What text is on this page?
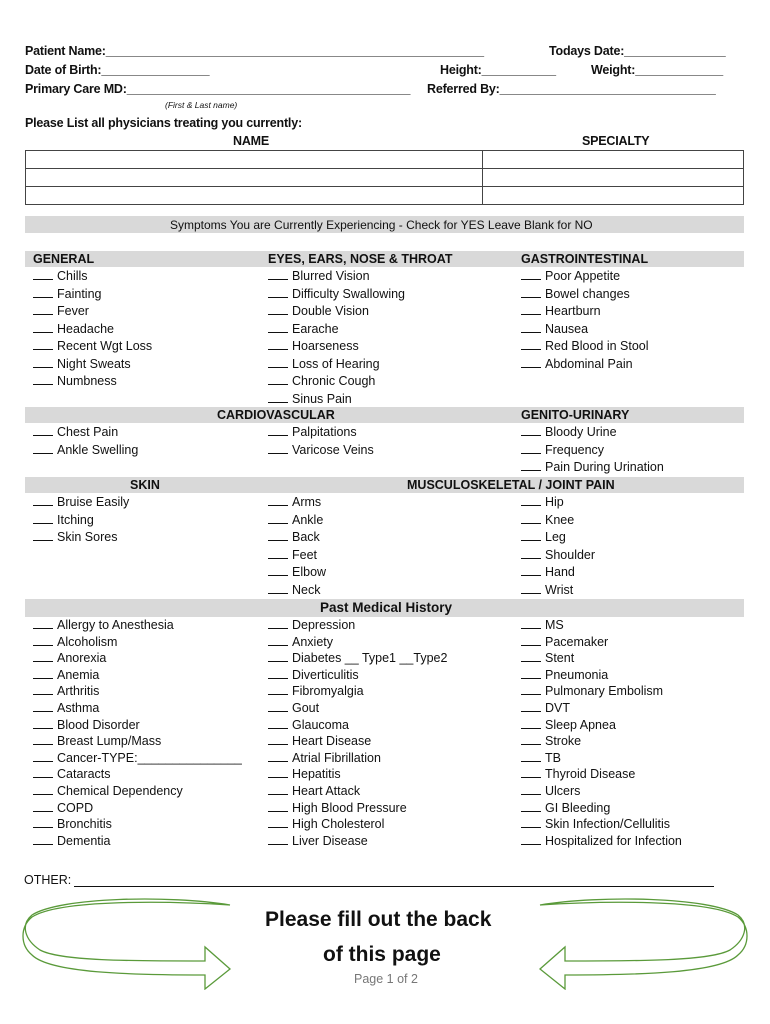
Patient Name:________________________________________________________	Todays Date:_______________
Date of Birth:________________	Height:___________	Weight:_____________
Primary Care MD:__________________________________________ Referred By:________________________________
(First & Last name)
Please List all physicians treating you currently:
NAME	SPECIALTY

Symptoms You are Currently Experiencing - Check for YES Leave Blank for NO
GENERAL	EYES, EARS, NOSE & THROAT	GASTROINTESTINAL
Chills
Fainting
Fever
Headache
Recent Wgt Loss
Night Sweats
Numbness
Blurred Vision
Difficulty Swallowing
Double Vision
Earache
Hoarseness
Loss of Hearing
Chronic Cough
Sinus Pain
Poor Appetite
Bowel changes
Heartburn
Nausea
Red Blood in Stool
Abdominal Pain
CARDIOVASCULAR	GENITO-URINARY
Chest Pain
Ankle Swelling
Palpitations
Varicose Veins
Bloody Urine
Frequency
Pain During Urination
SKIN	MUSCULOSKELETAL / JOINT PAIN
Bruise Easily
Itching
Skin Sores
Arms
Ankle
Back
Feet
Elbow
Neck
Hip
Knee
Leg
Shoulder
Hand
Wrist
Past Medical History
Allergy to Anesthesia
Alcoholism
Anorexia
Anemia
Arthritis
Asthma
Blood Disorder
Breast Lump/Mass
Cancer-TYPE:_______________
Cataracts
Chemical Dependency
COPD
Bronchitis
Dementia
Depression
Anxiety
Diabetes __ Type1 __Type2
Diverticulitis
Fibromyalgia
Gout
Glaucoma
Heart Disease
Atrial Fibrillation
Hepatitis
Heart Attack
High Blood Pressure
High Cholesterol
Liver Disease
MS
Pacemaker
Stent
Pneumonia
Pulmonary Embolism
DVT
Sleep Apnea
Stroke
TB
Thyroid Disease
Ulcers
GI Bleeding
Skin Infection/Cellulitis
Hospitalized for Infection
OTHER:
Please fill out the back
of this page
Page 1 of 2
